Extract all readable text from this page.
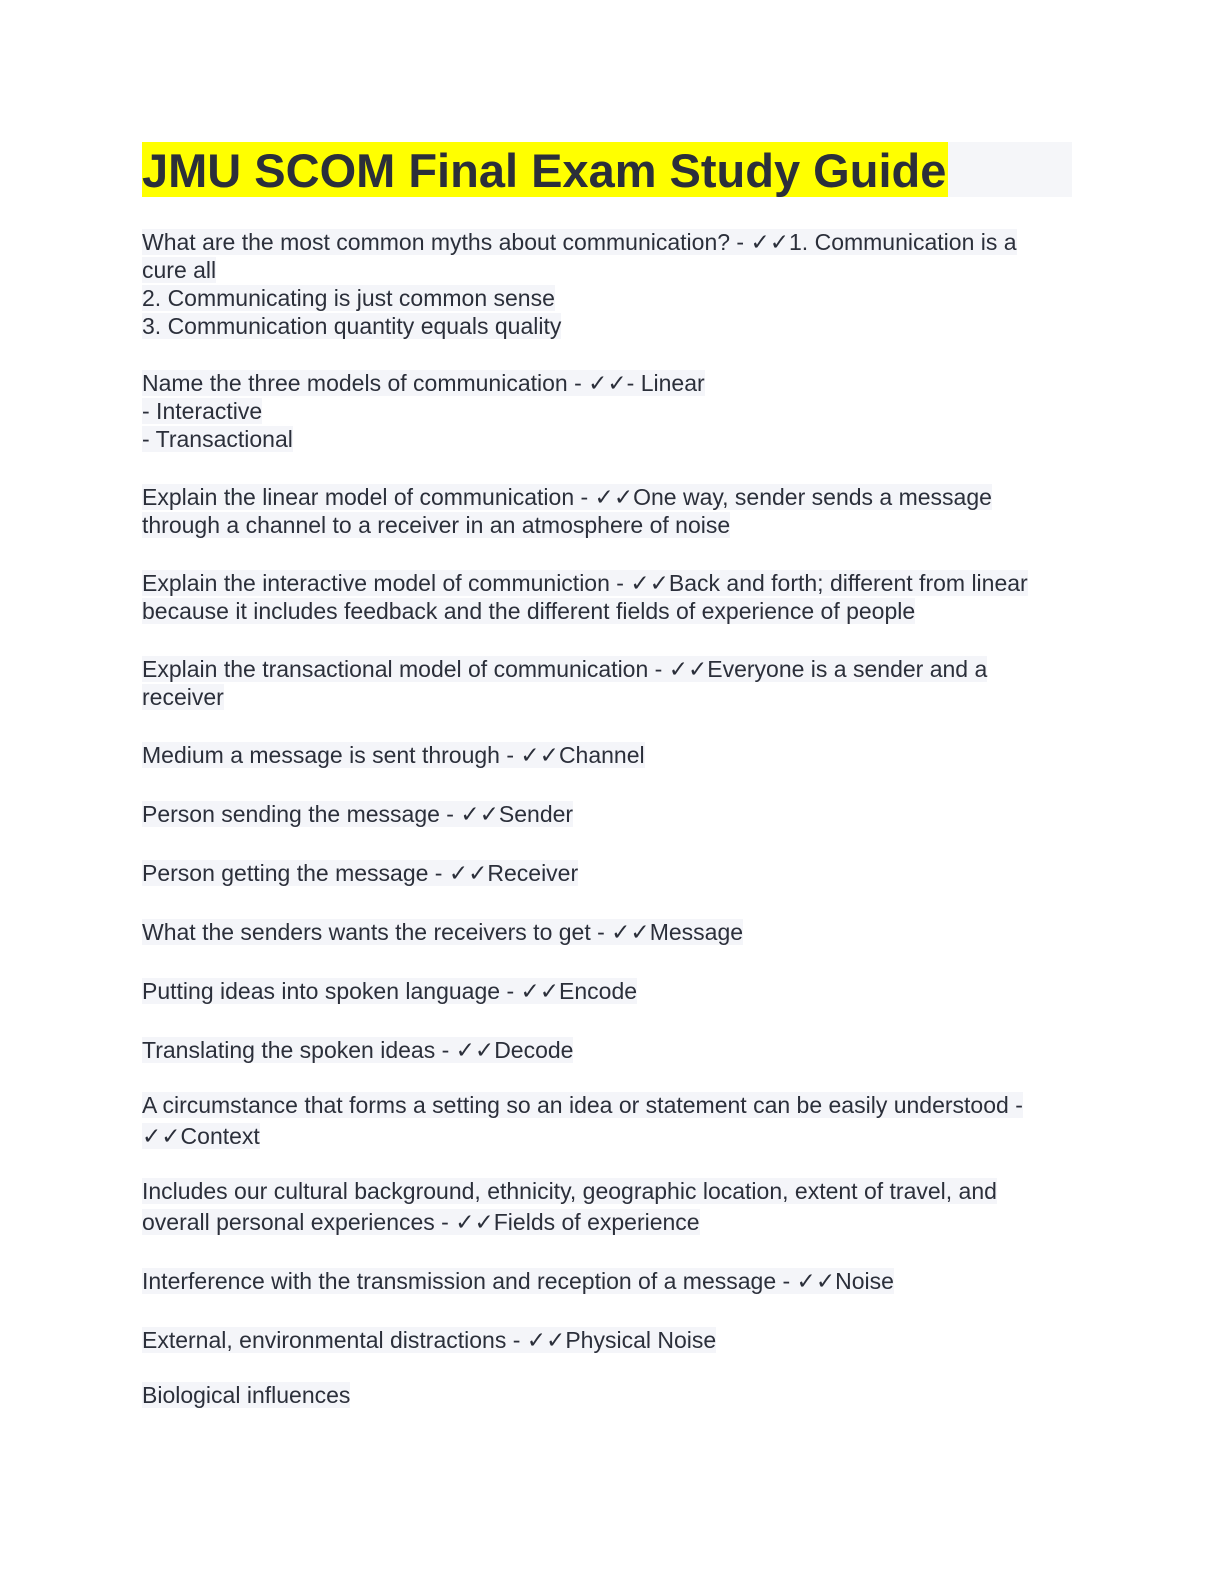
JMU SCOM Final Exam Study Guide
What are the most common myths about communication? - ✓✓1. Communication is a
cure all
2. Communicating is just common sense
3. Communication quantity equals quality
Name the three models of communication - ✓✓- Linear
- Interactive
- Transactional
Explain the linear model of communication - ✓✓One way, sender sends a message
through a channel to a receiver in an atmosphere of noise
Explain the interactive model of communiction - ✓✓Back and forth; different from linear
because it includes feedback and the different fields of experience of people
Explain the transactional model of communication - ✓✓Everyone is a sender and a
receiver
Medium a message is sent through - ✓✓Channel
Person sending the message - ✓✓Sender
Person getting the message - ✓✓Receiver
What the senders wants the receivers to get - ✓✓Message
Putting ideas into spoken language - ✓✓Encode
Translating the spoken ideas - ✓✓Decode
A circumstance that forms a setting so an idea or statement can be easily understood -
✓✓Context
Includes our cultural background, ethnicity, geographic location, extent of travel, and
overall personal experiences - ✓✓Fields of experience
Interference with the transmission and reception of a message - ✓✓Noise
External, environmental distractions - ✓✓Physical Noise
Biological influences
